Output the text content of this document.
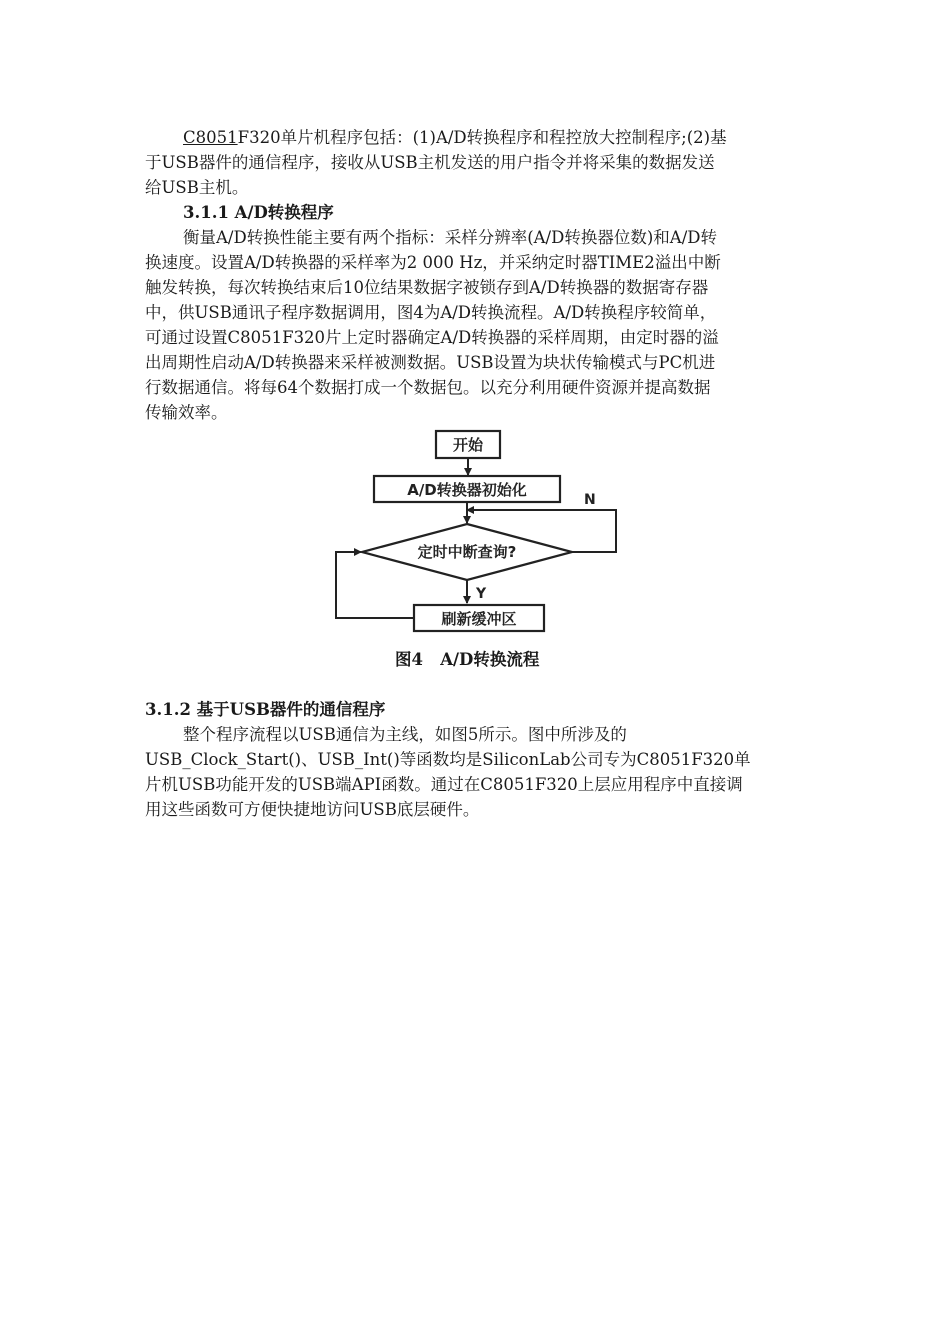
C8051F320单片机程序包括：(1)A/D转换程序和程控放大控制程序;(2)基
于USB器件的通信程序，接收从USB主机发送的用户指令并将采集的数据发送
给USB主机。
3.1.1 A/D转换程序
衡量A/D转换性能主要有两个指标：采样分辨率(A/D转换器位数)和A/D转
换速度。设置A/D转换器的采样率为2 000 Hz，并采纳定时器TIME2溢出中断
触发转换，每次转换结束后10位结果数据字被锁存到A/D转换器的数据寄存器
中，供USB通讯子程序数据调用，图4为A/D转换流程。A/D转换程序较简单，
可通过设置C8051F320片上定时器确定A/D转换器的采样周期，由定时器的溢
出周期性启动A/D转换器来采样被测数据。USB设置为块状传输模式与PC机进
行数据通信。将每64个数据打成一个数据包。以充分利用硬件资源并提高数据
传输效率。
开始
A/D转换器初始化
定时中断查询?
N
Y
刷新缓冲区
图4   A/D转换流程
3.1.2 基于USB器件的通信程序
整个程序流程以USB通信为主线，如图5所示。图中所涉及的
USB_Clock_Start()、USB_Int()等函数均是SiliconLab公司专为C8051F320单
片机USB功能开发的USB端API函数。通过在C8051F320上层应用程序中直接调
用这些函数可方便快捷地访问USB底层硬件。
